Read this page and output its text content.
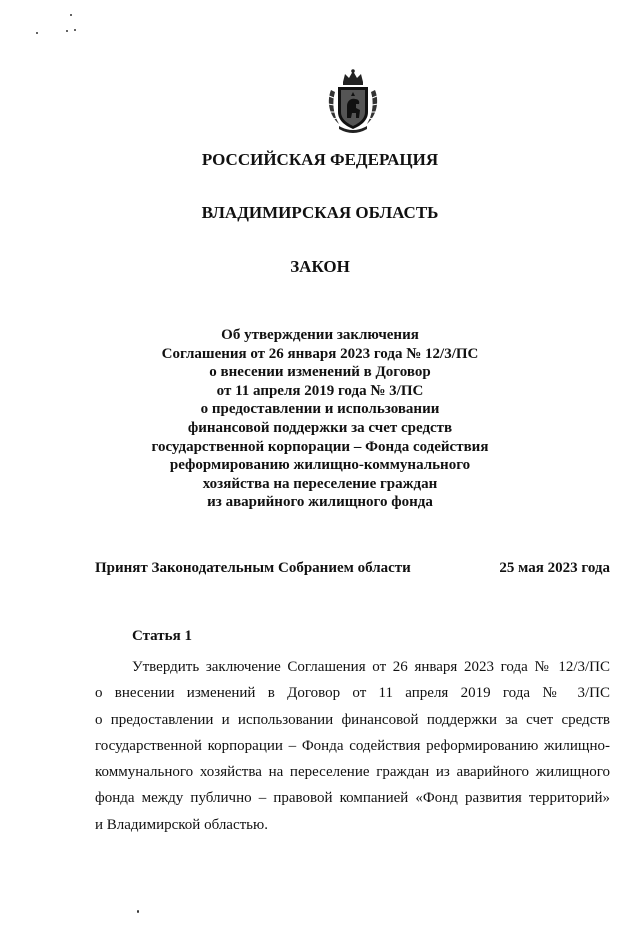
РОССИЙСКАЯ ФЕДЕРАЦИЯ
ВЛАДИМИРСКАЯ ОБЛАСТЬ
ЗАКОН
Об утверждении заключения
Соглашения от 26 января 2023 года № 12/3/ПС
о внесении изменений в Договор
от 11 апреля 2019 года № 3/ПС
о предоставлении и использовании
финансовой поддержки за счет средств
государственной корпорации – Фонда содействия
реформированию жилищно-коммунального
хозяйства на переселение граждан
из аварийного жилищного фонда
Принят Законодательным Собранием области	25 мая 2023 года
Статья 1
Утвердить заключение Соглашения от 26 января 2023 года № 12/3/ПС
о внесении изменений в Договор от 11 апреля 2019 года № 3/ПС
о предоставлении и использовании финансовой поддержки за счет средств
государственной корпорации – Фонда содействия реформированию жилищно-
коммунального хозяйства на переселение граждан из аварийного жилищного
фонда между публично – правовой компанией «Фонд развития территорий»
и Владимирской областью.
